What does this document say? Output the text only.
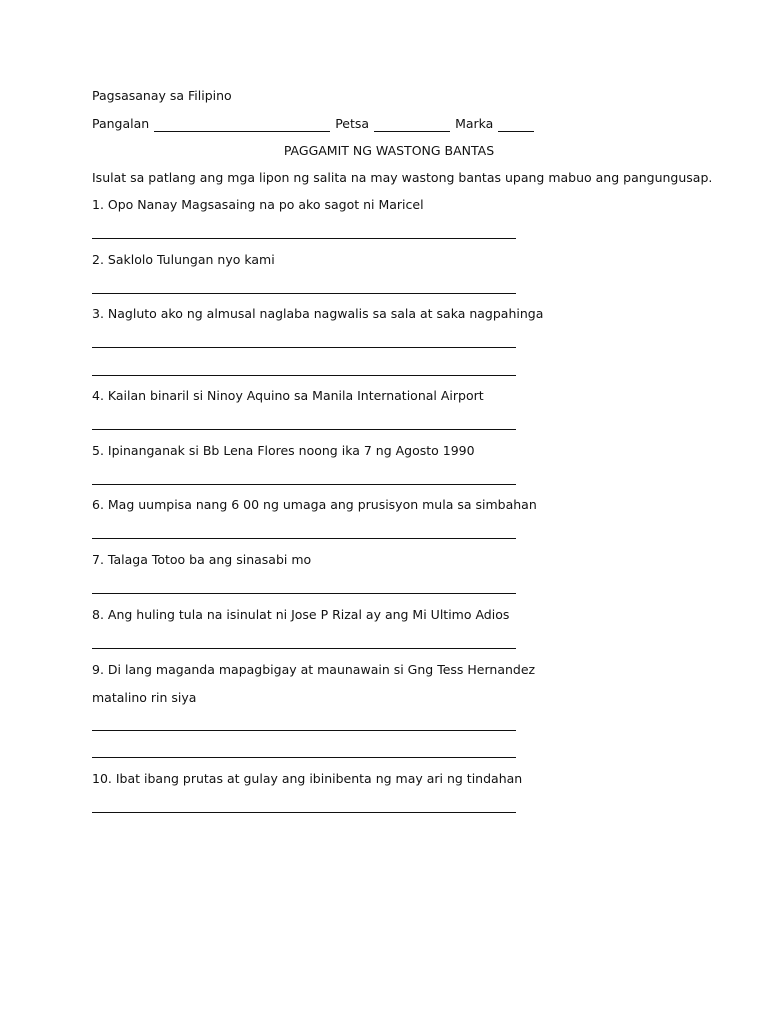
Pagsasanay sa Filipino
Pangalan	Petsa	Marka
PAGGAMIT NG WASTONG BANTAS
Isulat sa patlang ang mga lipon ng salita na may wastong bantas upang mabuo ang pangungusap.
1. Opo Nanay Magsasaing na po ako sagot ni Maricel
2. Saklolo Tulungan nyo kami
3. Nagluto ako ng almusal naglaba nagwalis sa sala at saka nagpahinga
4. Kailan binaril si Ninoy Aquino sa Manila International Airport
5. Ipinanganak si Bb Lena Flores noong ika 7 ng Agosto 1990
6. Mag uumpisa nang 6 00 ng umaga ang prusisyon mula sa simbahan
7. Talaga Totoo ba ang sinasabi mo
8. Ang huling tula na isinulat ni Jose P Rizal ay ang Mi Ultimo Adios
9. Di lang maganda mapagbigay at maunawain si Gng Tess Hernandez
matalino rin siya
10. Ibat ibang prutas at gulay ang ibinibenta ng may ari ng tindahan
